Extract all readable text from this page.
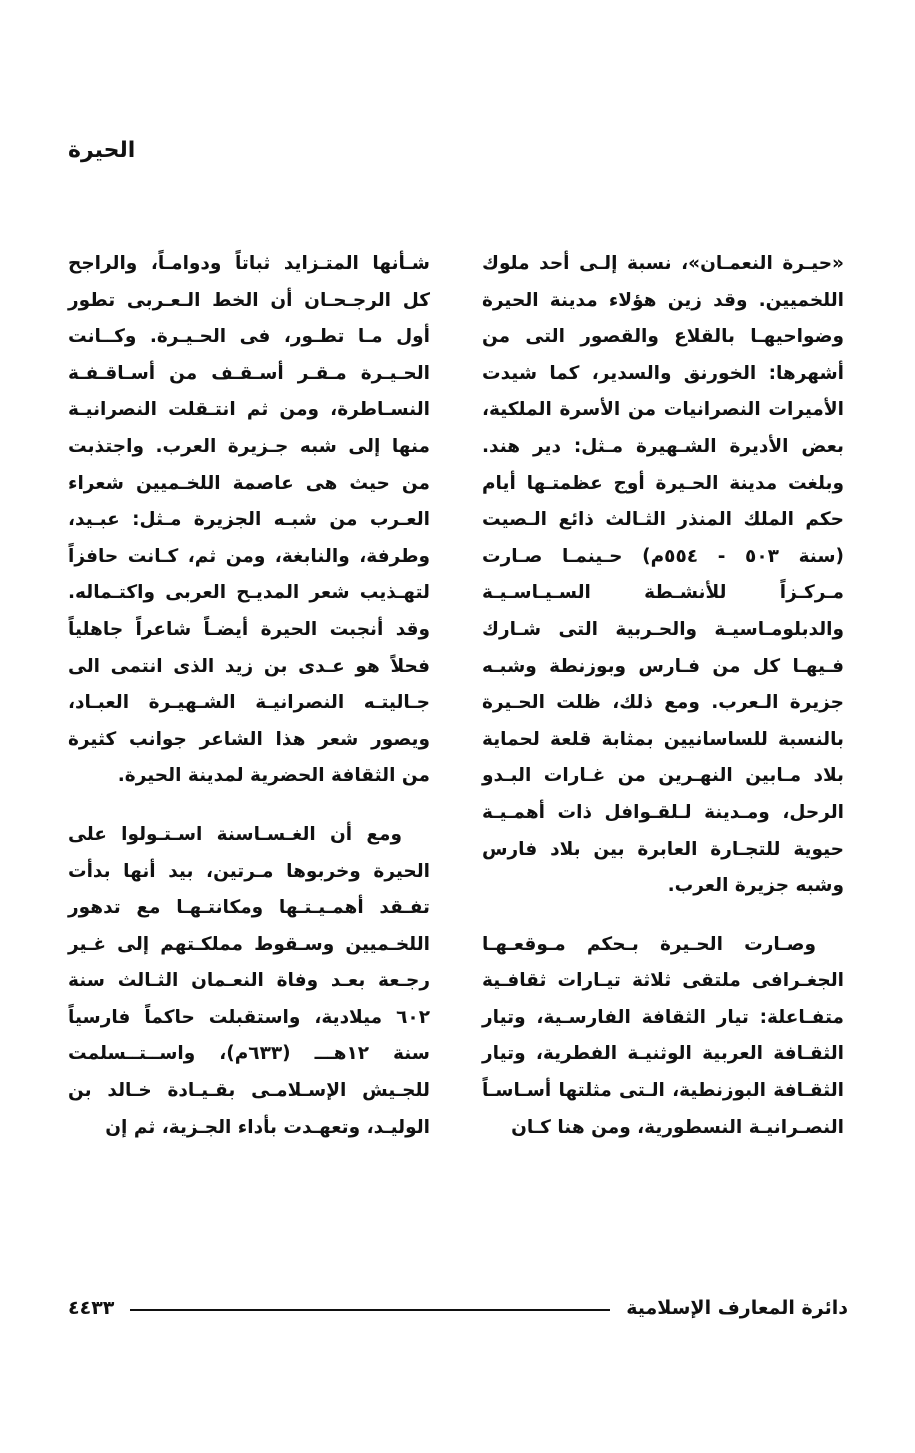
الحيرة

«حيـرة النعمـان»، نسبة إلـى أحد ملوك اللخميين. وقد زين هؤلاء مدينة الحيرة وضواحيهـا بالقلاع والقصور التى من أشهرها: الخورنق والسدير، كما شيدت الأميرات النصرانيات من الأسرة الملكية، بعض الأديرة الشـهيرة مـثل: دير هند. وبلغت مدينة الحـيرة أوج عظمتـها أيام حكم الملك المنذر الثـالث ذائع الـصيت (سنة ٥٠٣ - ٥٥٤م) حـينمـا صـارت مـركـزاً للأنشـطة السـيـاسـيـة والدبلومـاسيـة والحـربية التى شـارك فـيهـا كل من فـارس وبوزنطة وشبـه جزيرة الـعرب. ومع ذلك، ظلت الحـيرة بالنسبة للساسانيين بمثابة قلعة لحماية بلاد مـابين النهـرين من غـارات البـدو الرحل، ومـدينة لـلقـوافل ذات أهمـيـة حيوية للتجـارة العابرة بين بلاد فارس وشبه جزيرة العرب.

وصـارت الحـيرة بـحكم مـوقعـهـا الجغـرافى ملتقى ثلاثة تيـارات ثقافـية متفـاعلة: تيار الثقافة الفارسـية، وتيار الثقـافة العربية الوثنيـة الفطرية، وتيار الثقـافة البوزنطية، الـتى مثلتها أسـاسـاً النصـرانيـة النسطورية، ومن هنا كـان

شـأنها المتـزايد ثباتاً ودوامـاً، والراجح كل الرجـحـان أن الخط الـعـربى تطور أول مـا تطـور، فى الحـيـرة. وكــانت الحـيـرة مـقـر أسـقـف من أسـاقـفـة النسـاطرة، ومن ثم انتـقلت النصرانيـة منها إلى شبه جـزيرة العرب. واجتذبت من حيث هى عاصمة اللخـميين شعراء العـرب من شبـه الجزيرة مـثل: عبـيد، وطرفة، والنابغة، ومن ثم، كـانت حافزاً لتهـذيب شعر المديـح العربى واكتـماله. وقد أنجبت الحيرة أيضـاً شاعراً جاهلياً فحلاً هو عـدى بن زيد الذى انتمى الى جـاليتـه النصرانيـة الشـهيـرة العبـاد، ويصور شعر هذا الشاعر جوانب كثيرة من الثقافة الحضرية لمدينة الحيرة.

ومع أن الغـسـاسنة اسـتـولوا على الحيرة وخربوها مـرتين، بيد أنها بدأت تفـقد أهمـيـتـها ومكانتـهـا مع تدهور اللخـميين وسـقوط مملكـتهم إلى غـير رجـعة بعـد وفاة النعـمان الثـالث سنة ٦٠٢ ميلادية، واستقبلت حاكماً فارسياً سنة ١٢هـــ (٦٣٣م)، واســتــسلمت للجـيش الإسـلامـى بقـيـادة خـالد بن الوليـد، وتعهـدت بأداء الجـزية، ثم إن

دائرة المعارف الإسلامية
٤٤٣٣
